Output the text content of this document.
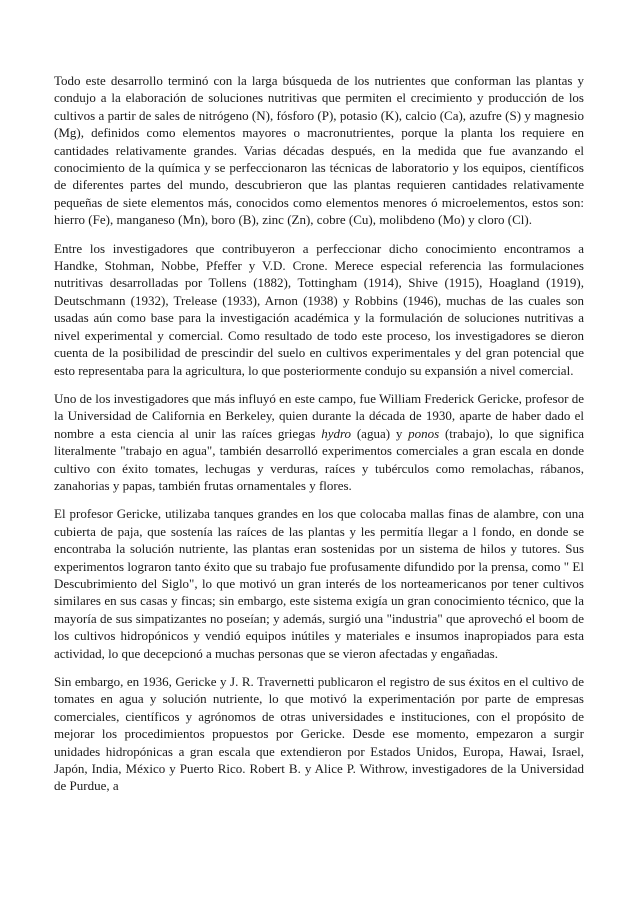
Todo este desarrollo terminó con la larga búsqueda de los nutrientes que conforman las plantas y condujo a la elaboración de soluciones nutritivas que permiten el crecimiento y producción de los cultivos a partir de sales de nitrógeno (N), fósforo (P), potasio (K), calcio (Ca), azufre (S) y magnesio (Mg), definidos como elementos mayores o macronutrientes, porque la planta los requiere en cantidades relativamente grandes. Varias décadas después, en la medida que fue avanzando el conocimiento de la química y se perfeccionaron las técnicas de laboratorio y los equipos, científicos de diferentes partes del mundo, descubrieron que las plantas requieren cantidades relativamente pequeñas de siete elementos más, conocidos como elementos menores ó microelementos, estos son: hierro (Fe), manganeso (Mn), boro (B), zinc (Zn), cobre (Cu), molibdeno (Mo) y cloro (Cl).

Entre los investigadores que contribuyeron a perfeccionar dicho conocimiento encontramos a Handke, Stohman, Nobbe, Pfeffer y V.D. Crone. Merece especial referencia las formulaciones nutritivas desarrolladas por Tollens (1882), Tottingham (1914), Shive (1915), Hoagland (1919), Deutschmann (1932), Trelease (1933), Arnon (1938) y Robbins (1946), muchas de las cuales son usadas aún como base para la investigación académica y la formulación de soluciones nutritivas a nivel experimental y comercial. Como resultado de todo este proceso, los investigadores se dieron cuenta de la posibilidad de prescindir del suelo en cultivos experimentales y del gran potencial que esto representaba para la agricultura, lo que posteriormente condujo su expansión a nivel comercial.

Uno de los investigadores que más influyó en este campo, fue William Frederick Gericke, profesor de la Universidad de California en Berkeley, quien durante la década de 1930, aparte de haber dado el nombre a esta ciencia al unir las raíces griegas hydro (agua) y ponos (trabajo), lo que significa literalmente "trabajo en agua", también desarrolló experimentos comerciales a gran escala en donde cultivo con éxito tomates, lechugas y verduras, raíces y tubérculos como remolachas, rábanos, zanahorias y papas, también frutas ornamentales y flores.

El profesor Gericke, utilizaba tanques grandes en los que colocaba mallas finas de alambre, con una cubierta de paja, que sostenía las raíces de las plantas y les permitía llegar a l fondo, en donde se encontraba la solución nutriente, las plantas eran sostenidas por un sistema de hilos y tutores. Sus experimentos lograron tanto éxito que su trabajo fue profusamente difundido por la prensa, como " El Descubrimiento del Siglo", lo que motivó un gran interés de los norteamericanos por tener cultivos similares en sus casas y fincas; sin embargo, este sistema exigía un gran conocimiento técnico, que la mayoría de sus simpatizantes no poseían; y además, surgió una "industria" que aprovechó el boom de los cultivos hidropónicos y vendió equipos inútiles y materiales e insumos inapropiados para esta actividad, lo que decepcionó a muchas personas que se vieron afectadas y engañadas.

Sin embargo, en 1936, Gericke y J. R. Travernetti publicaron el registro de sus éxitos en el cultivo de tomates en agua y solución nutriente, lo que motivó la experimentación por parte de empresas comerciales, científicos y agrónomos de otras universidades e instituciones, con el propósito de mejorar los procedimientos propuestos por Gericke. Desde ese momento, empezaron a surgir unidades hidropónicas a gran escala que extendieron por Estados Unidos, Europa, Hawai, Israel, Japón, India, México y Puerto Rico. Robert B. y Alice P. Withrow, investigadores de la Universidad de Purdue, a
